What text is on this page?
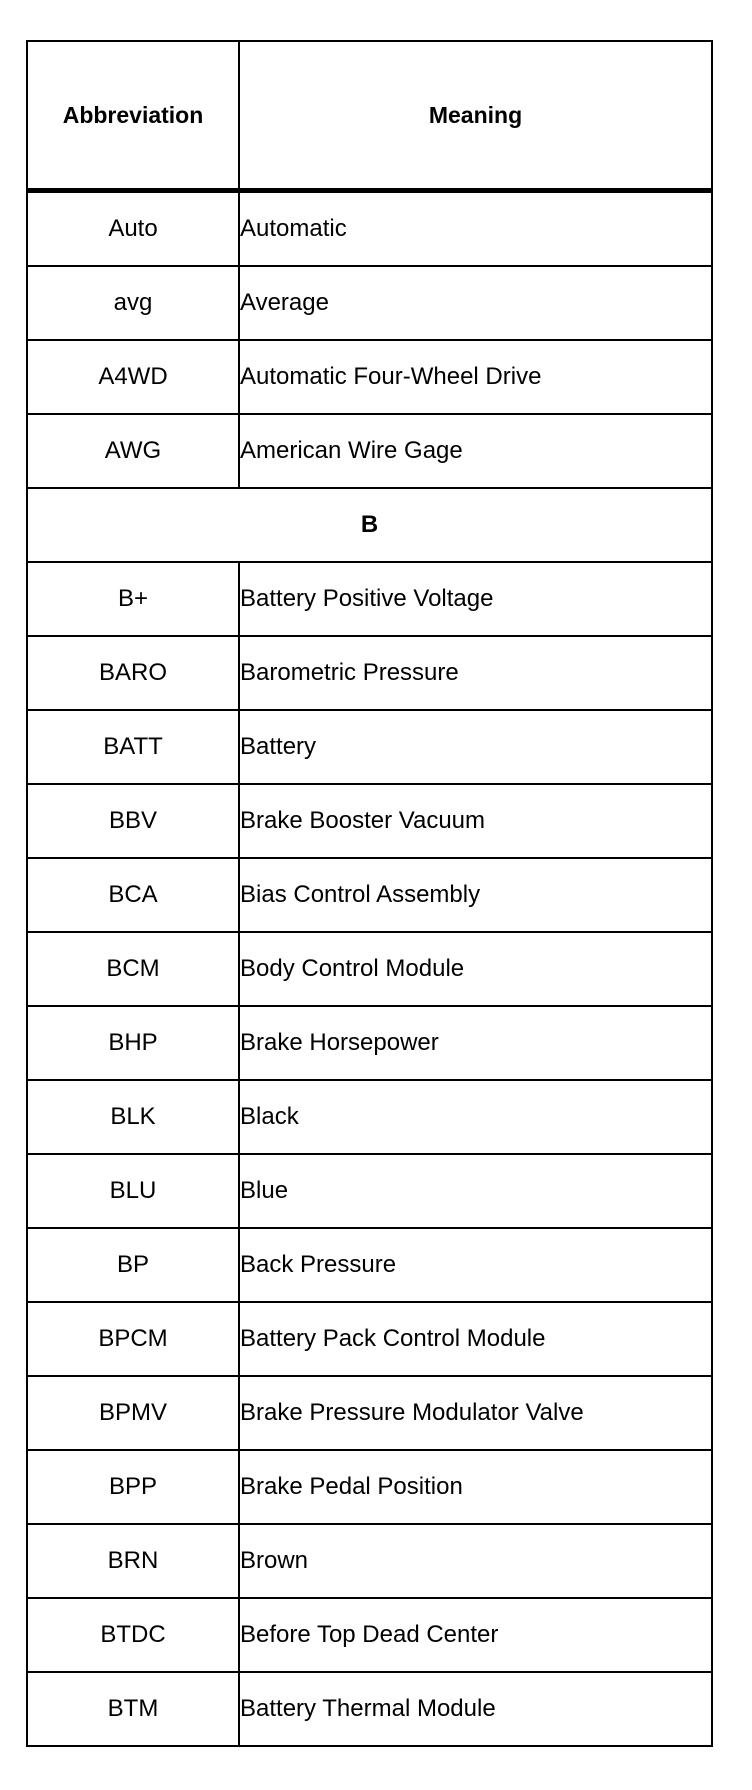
Abbreviation	Meaning
Auto	Automatic
avg	Average
A4WD	Automatic Four-Wheel Drive
AWG	American Wire Gage
B	
B+	Battery Positive Voltage
BARO	Barometric Pressure
BATT	Battery
BBV	Brake Booster Vacuum
BCA	Bias Control Assembly
BCM	Body Control Module
BHP	Brake Horsepower
BLK	Black
BLU	Blue
BP	Back Pressure
BPCM	Battery Pack Control Module
BPMV	Brake Pressure Modulator Valve
BPP	Brake Pedal Position
BRN	Brown
BTDC	Before Top Dead Center
BTM	Battery Thermal Module
